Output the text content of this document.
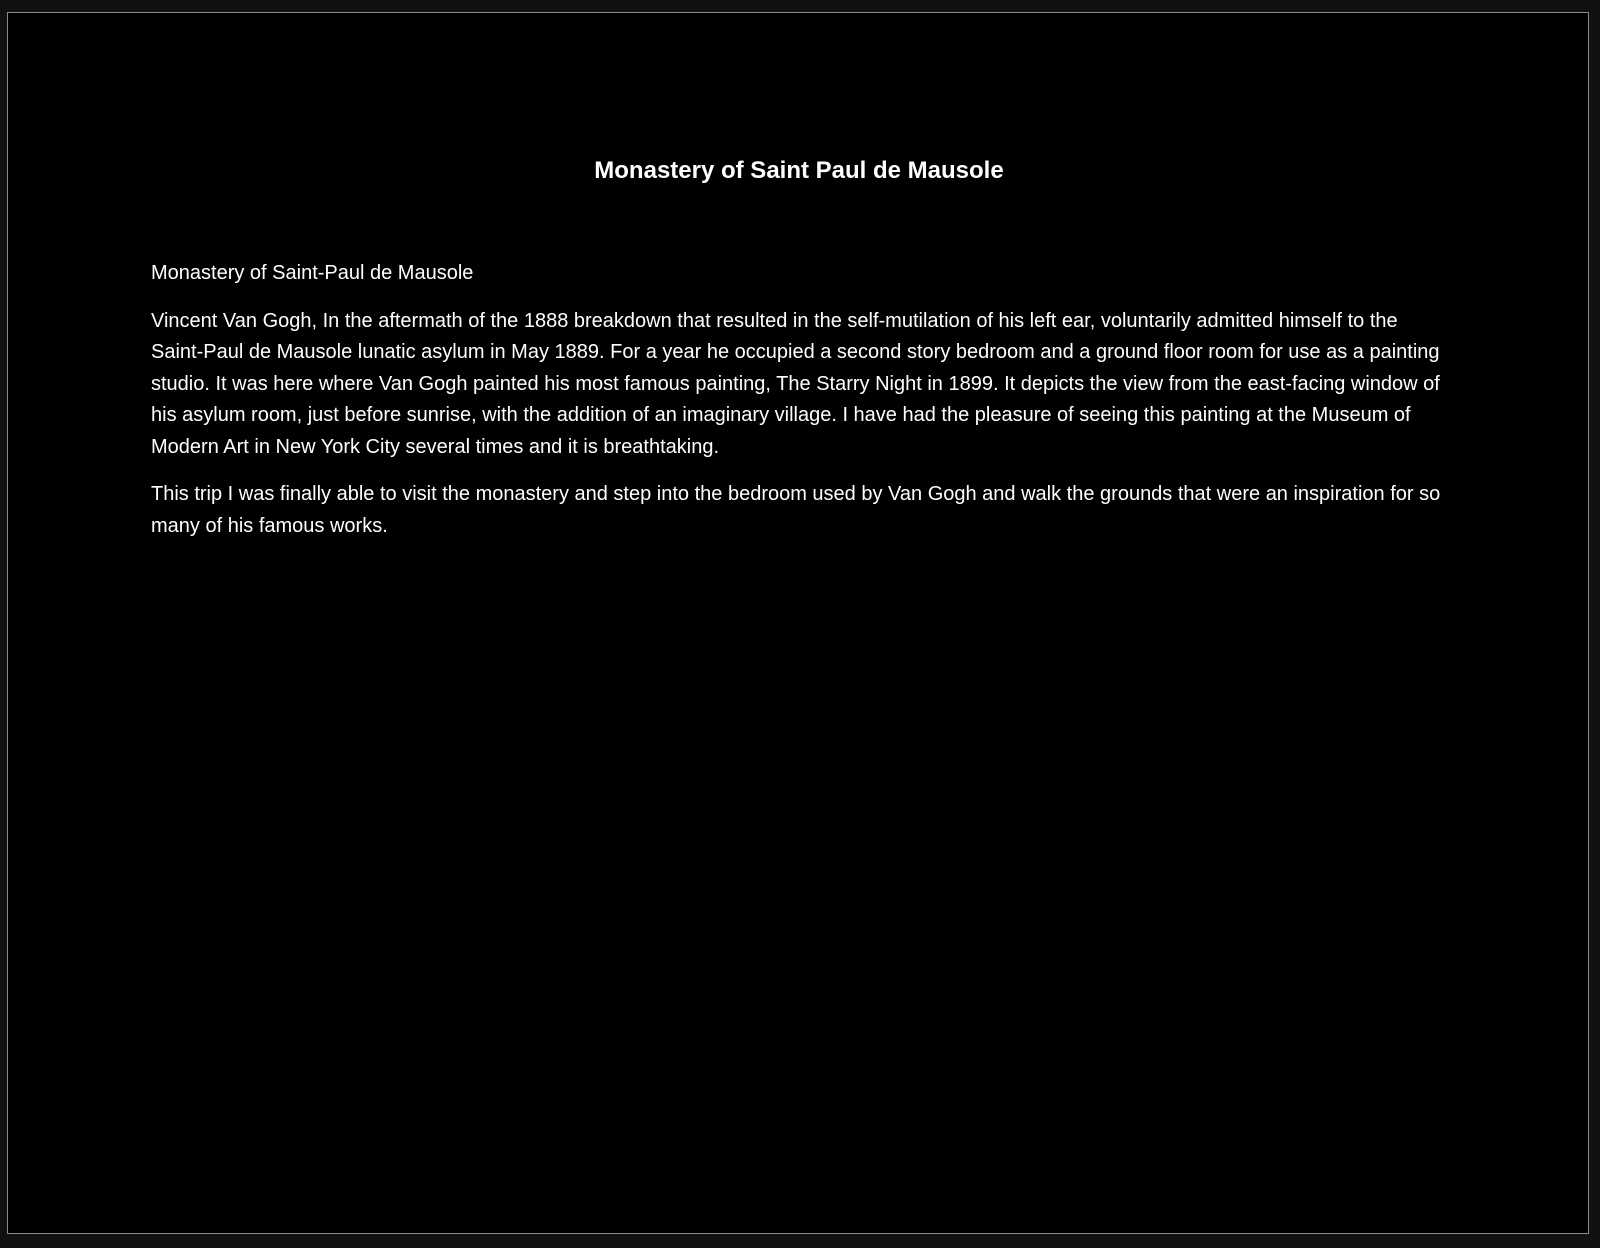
Monastery of Saint Paul de Mausole

Monastery of Saint-Paul de Mausole

Vincent Van Gogh, In the aftermath of the 1888 breakdown that resulted in the self-mutilation of his left ear, voluntarily admitted himself to the Saint-Paul de Mausole lunatic asylum in May 1889. For a year he occupied a second story bedroom and a ground floor room for use as a painting studio. It was here where Van Gogh painted his most famous painting, The Starry Night in 1899. It depicts the view from the east-facing window of his asylum room, just before sunrise, with the addition of an imaginary village. I have had the pleasure of seeing this painting at the Museum of Modern Art in New York City several times and it is breathtaking.

This trip I was finally able to visit the monastery and step into the bedroom used by Van Gogh and walk the grounds that were an inspiration for so many of his famous works.
